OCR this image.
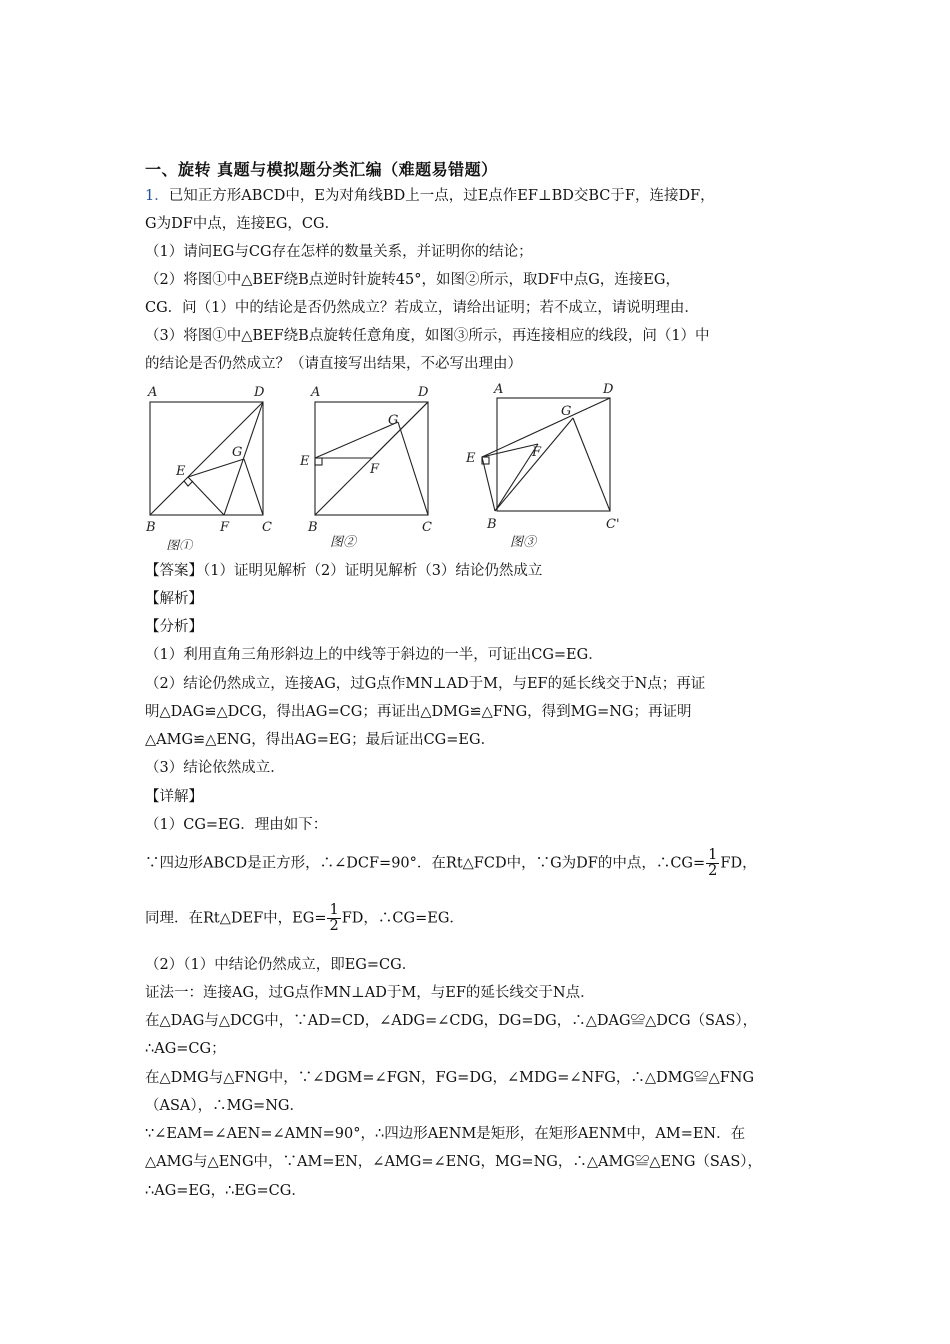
一、旋转 真题与模拟题分类汇编（难题易错题）
1．已知正方形ABCD中，E为对角线BD上一点，过E点作EF⊥BD交BC于F，连接DF，
G为DF中点，连接EG，CG．
（1）请问EG与CG存在怎样的数量关系，并证明你的结论；
（2）将图①中△BEF绕B点逆时针旋转45°，如图②所示，取DF中点G，连接EG，
CG．问（1）中的结论是否仍然成立？若成立，请给出证明；若不成立，请说明理由．
（3）将图①中△BEF绕B点旋转任意角度，如图③所示，再连接相应的线段，问（1）中
的结论是否仍然成立？（请直接写出结果，不必写出理由）
A	D
B	F	C
E
G
图①
A	D
B	C
E
F
G
图②
A	D
B	C'
E	F
G
图③
【答案】（1）证明见解析（2）证明见解析（3）结论仍然成立
【解析】
【分析】
（1）利用直角三角形斜边上的中线等于斜边的一半，可证出CG=EG．
（2）结论仍然成立，连接AG，过G点作MN⊥AD于M，与EF的延长线交于N点；再证
明△DAG≌△DCG，得出AG=CG；再证出△DMG≌△FNG，得到MG=NG；再证明
△AMG≌△ENG，得出AG=EG；最后证出CG=EG．
（3）结论依然成立．
【详解】
（1）CG=EG．理由如下：
∵四边形ABCD是正方形，∴∠DCF=90°．在Rt△FCD中，∵G为DF的中点，∴CG= $\frac{1}{2}$ FD，
同理．在Rt△DEF中，$EG= \frac{1}{2}$ FD，∴CG=EG．
（2）（1）中结论仍然成立，即EG=CG．
证法一：连接AG，过G点作MN⊥AD于M，与EF的延长线交于N点．
在△DAG与△DCG中，∵AD=CD，∠ADG=∠CDG，DG=DG，∴△DAG≌△DCG（SAS），
∴AG=CG；
在△DMG与△FNG中，∵∠DGM=∠FGN，FG=DG，∠MDG=∠NFG，∴△DMG≌△FNG
（ASA），∴MG=NG．
∵∠EAM=∠AEN=∠AMN=90°，∴四边形AENM是矩形，在矩形AENM中，AM=EN．在
△AMG与△ENG中，∵AM=EN，∠AMG=∠ENG，MG=NG，∴△AMG≌△ENG（SAS），
∴AG=EG，∴EG=CG．
